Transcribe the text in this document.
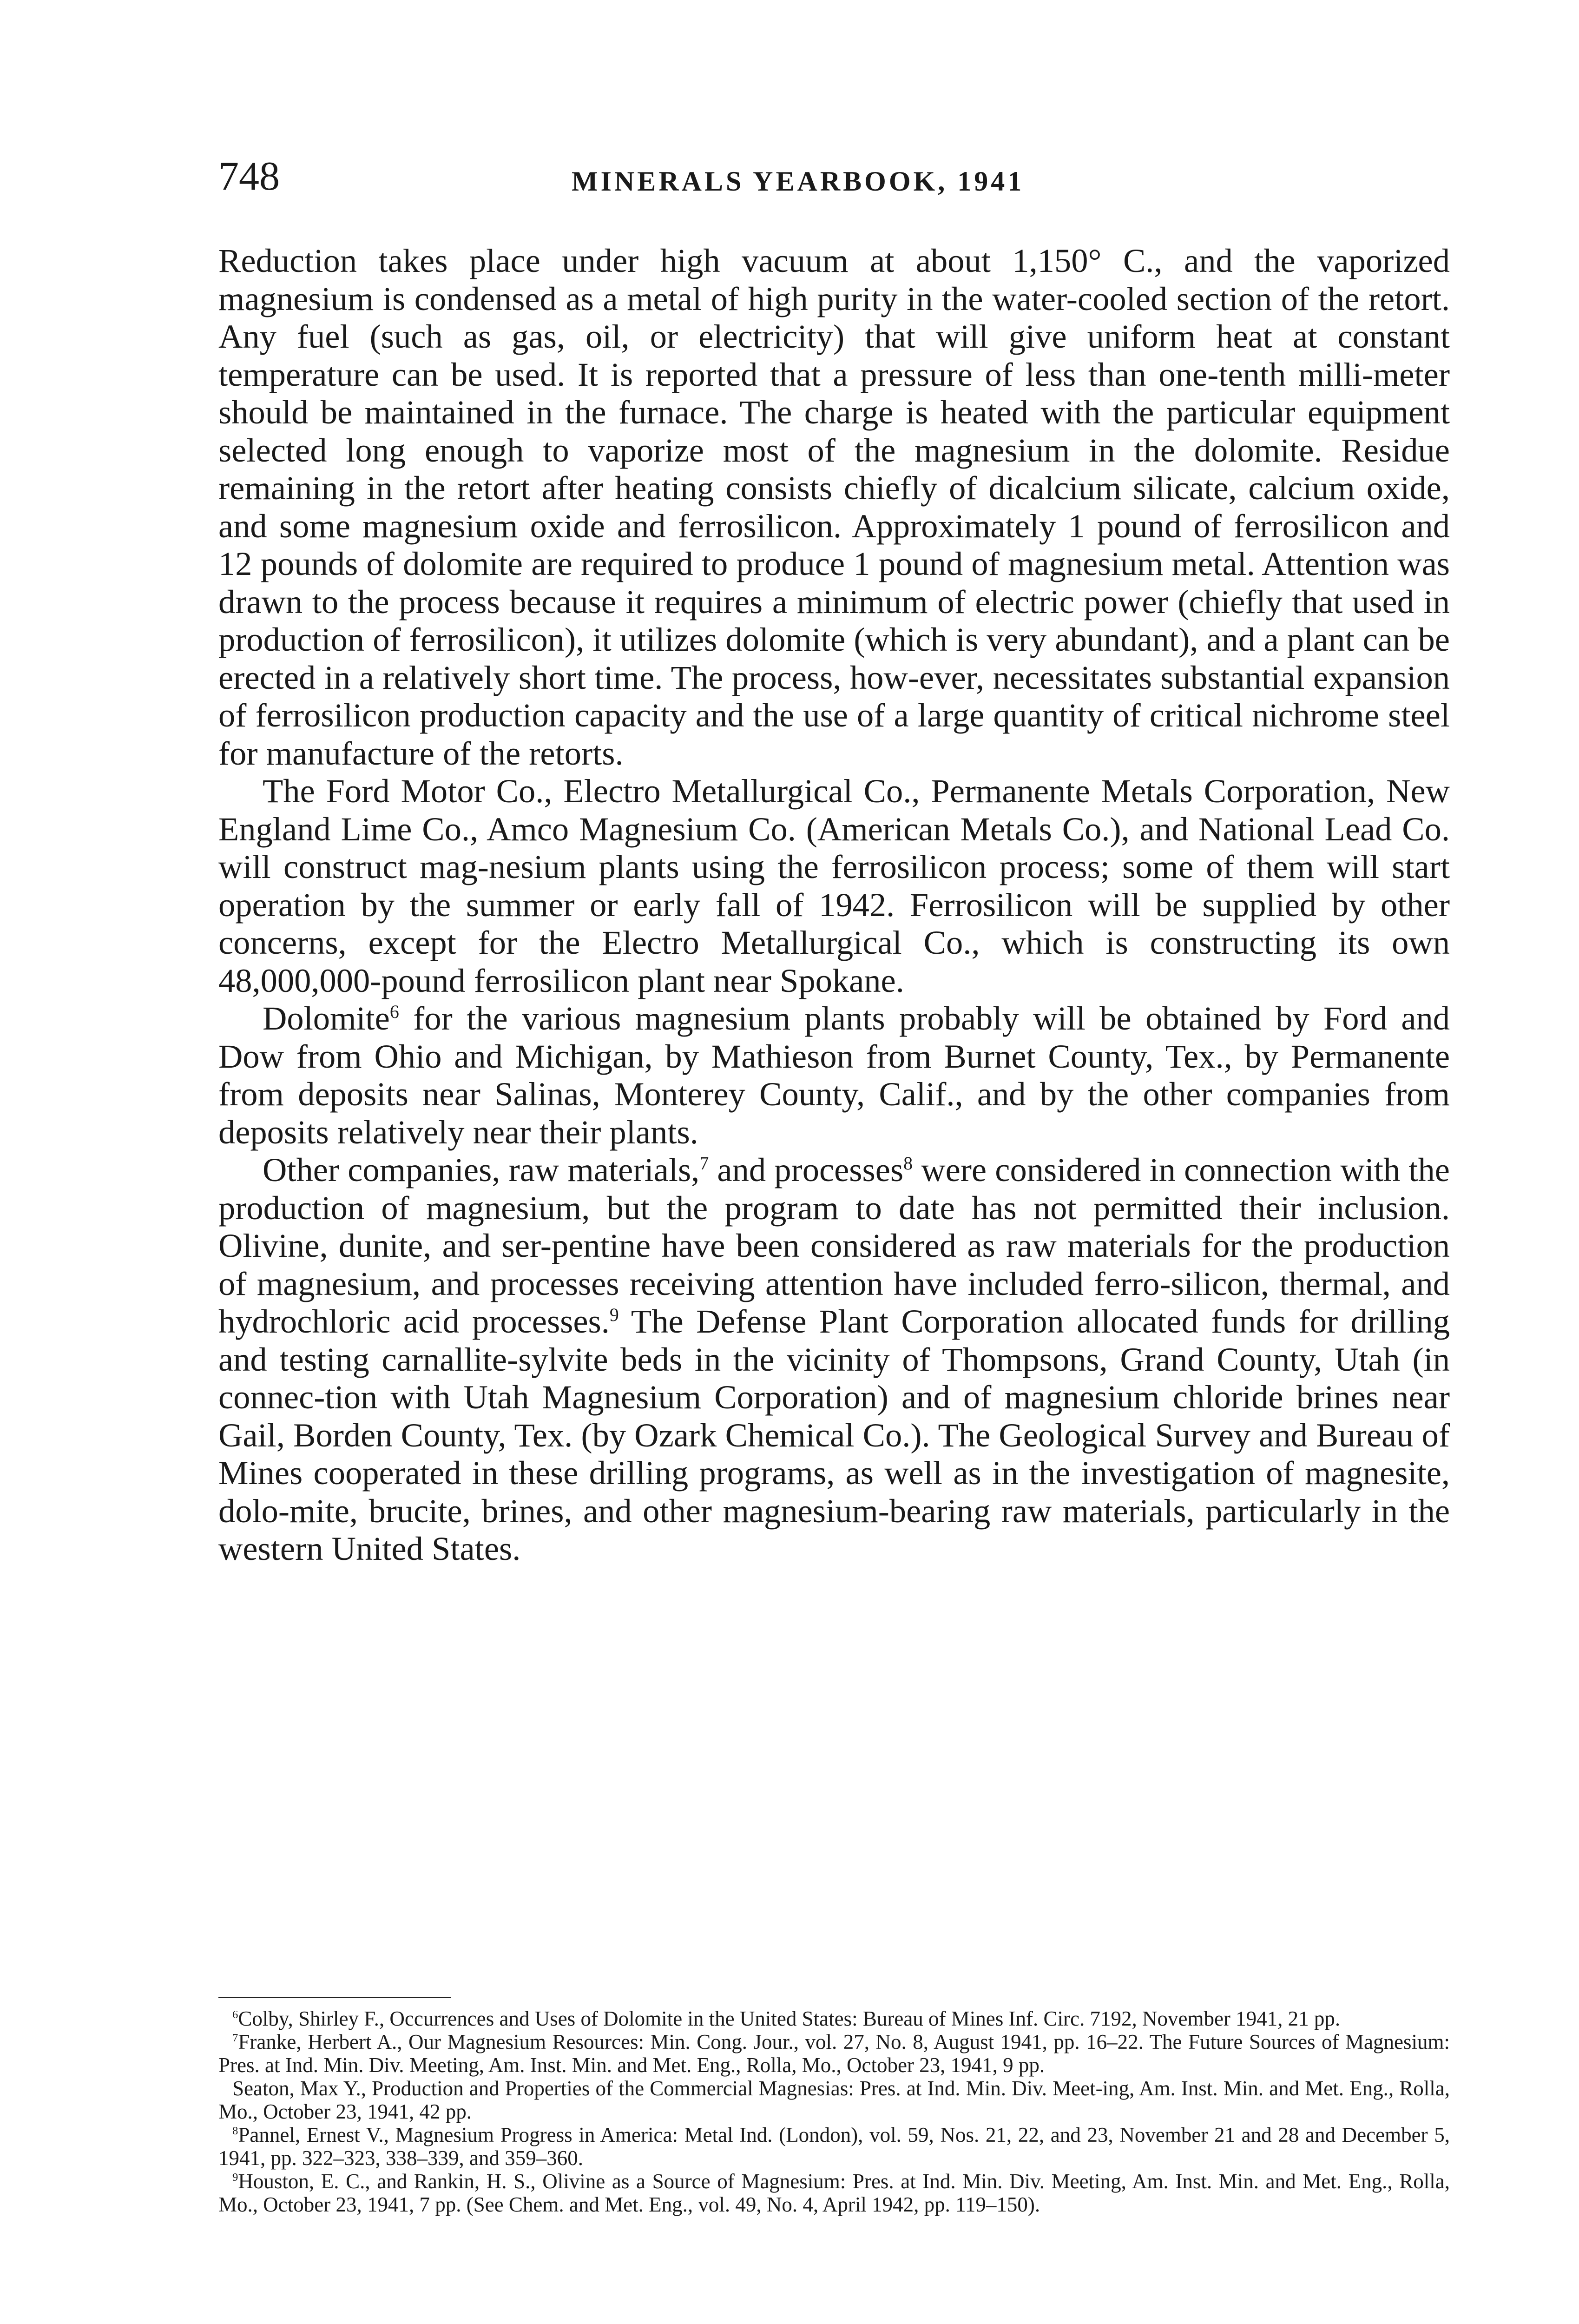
748	MINERALS YEARBOOK, 1941

Reduction takes place under high vacuum at about 1,150° C., and the vaporized magnesium is condensed as a metal of high purity in the water-cooled section of the retort. Any fuel (such as gas, oil, or electricity) that will give uniform heat at constant temperature can be used. It is reported that a pressure of less than one-tenth milli-meter should be maintained in the furnace. The charge is heated with the particular equipment selected long enough to vaporize most of the magnesium in the dolomite. Residue remaining in the retort after heating consists chiefly of dicalcium silicate, calcium oxide, and some magnesium oxide and ferrosilicon. Approximately 1 pound of ferrosilicon and 12 pounds of dolomite are required to produce 1 pound of magnesium metal. Attention was drawn to the process because it requires a minimum of electric power (chiefly that used in production of ferrosilicon), it utilizes dolomite (which is very abundant), and a plant can be erected in a relatively short time. The process, how-ever, necessitates substantial expansion of ferrosilicon production capacity and the use of a large quantity of critical nichrome steel for manufacture of the retorts.

The Ford Motor Co., Electro Metallurgical Co., Permanente Metals Corporation, New England Lime Co., Amco Magnesium Co. (American Metals Co.), and National Lead Co. will construct mag-nesium plants using the ferrosilicon process; some of them will start operation by the summer or early fall of 1942. Ferrosilicon will be supplied by other concerns, except for the Electro Metallurgical Co., which is constructing its own 48,000,000-pound ferrosilicon plant near Spokane.

Dolomite$^6$ for the various magnesium plants probably will be obtained by Ford and Dow from Ohio and Michigan, by Mathieson from Burnet County, Tex., by Permanente from deposits near Salinas, Monterey County, Calif., and by the other companies from deposits relatively near their plants.

Other companies, raw materials,$^7$ and processes$^8$ were considered in connection with the production of magnesium, but the program to date has not permitted their inclusion. Olivine, dunite, and ser-pentine have been considered as raw materials for the production of magnesium, and processes receiving attention have included ferro-silicon, thermal, and hydrochloric acid processes.$^9$ The Defense Plant Corporation allocated funds for drilling and testing carnallite-sylvite beds in the vicinity of Thompsons, Grand County, Utah (in connec-tion with Utah Magnesium Corporation) and of magnesium chloride brines near Gail, Borden County, Tex. (by Ozark Chemical Co.). The Geological Survey and Bureau of Mines cooperated in these drilling programs, as well as in the investigation of magnesite, dolo-mite, brucite, brines, and other magnesium-bearing raw materials, particularly in the western United States.

$^6$Colby, Shirley F., Occurrences and Uses of Dolomite in the United States: Bureau of Mines Inf. Circ. 7192, November 1941, 21 pp.

$^7$Franke, Herbert A., Our Magnesium Resources: Min. Cong. Jour., vol. 27, No. 8, August 1941, pp. 16–22. The Future Sources of Magnesium: Pres. at Ind. Min. Div. Meeting, Am. Inst. Min. and Met. Eng., Rolla, Mo., October 23, 1941, 9 pp.

Seaton, Max Y., Production and Properties of the Commercial Magnesias: Pres. at Ind. Min. Div. Meet-ing, Am. Inst. Min. and Met. Eng., Rolla, Mo., October 23, 1941, 42 pp.

$^8$Pannel, Ernest V., Magnesium Progress in America: Metal Ind. (London), vol. 59, Nos. 21, 22, and 23, November 21 and 28 and December 5, 1941, pp. 322–323, 338–339, and 359–360.

$^9$Houston, E. C., and Rankin, H. S., Olivine as a Source of Magnesium: Pres. at Ind. Min. Div. Meeting, Am. Inst. Min. and Met. Eng., Rolla, Mo., October 23, 1941, 7 pp. (See Chem. and Met. Eng., vol. 49, No. 4, April 1942, pp. 119–150).
